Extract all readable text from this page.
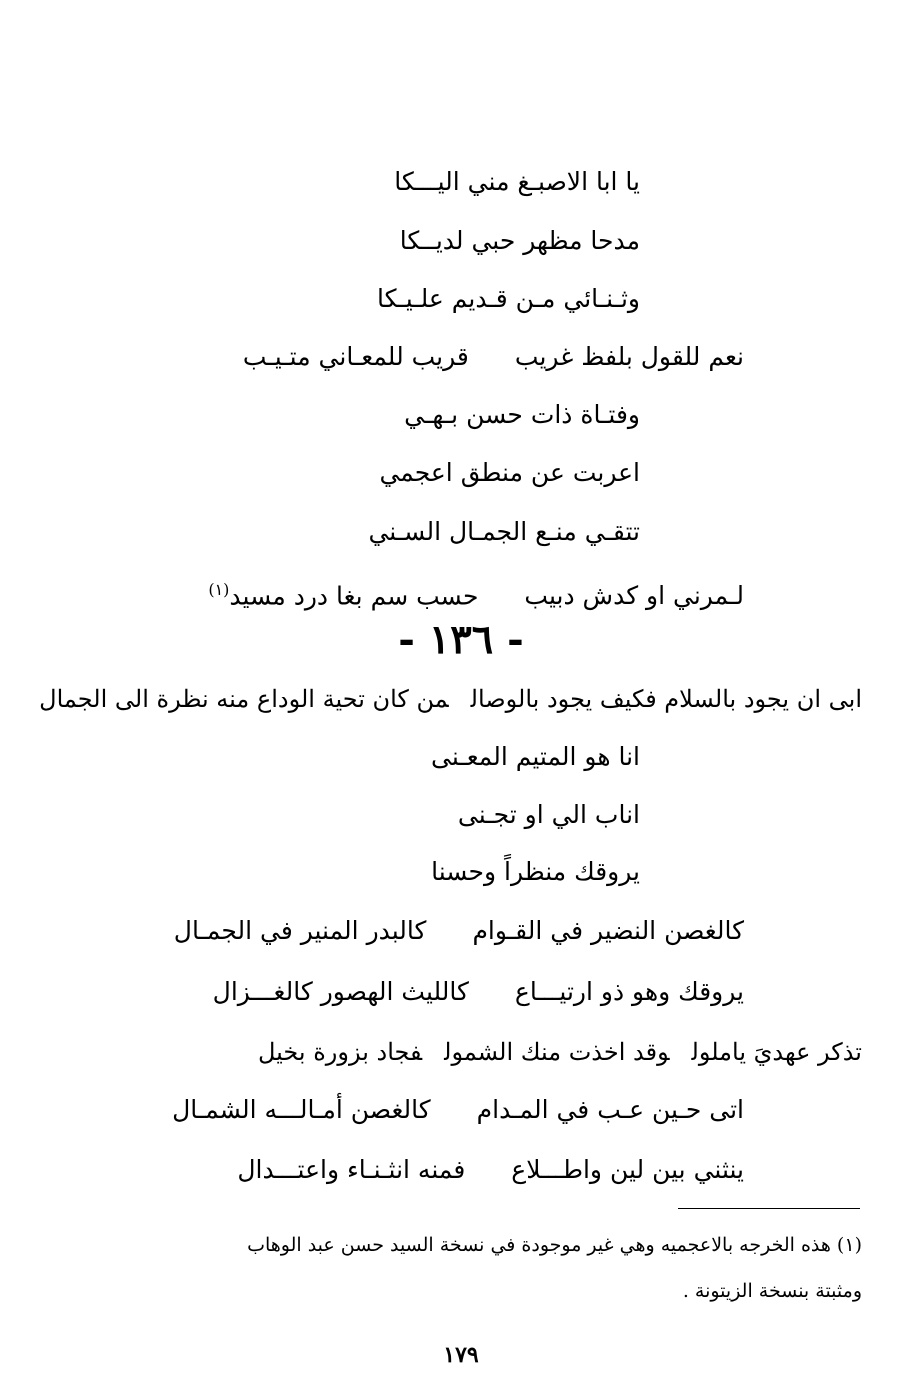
يا ابا الاصبـغ مني اليـــكا
مدحا مظهر حبي لديــكا
وثـنـائي مـن قـديم علـيـكا
نعم للقول بلفظ غريبقريب للمعـاني متـيـب
وفتـاة ذات حسن بـهـي
اعربت عن منطق اعجمي
تتقـي منـع الجمـال السـني
لـمرني او كدش دبيبحسب سم بغا درد مسيد$^{(١)}$
- ١٣٦ -
ابى ان يجود بالسلام فكيف يجود بالوصالمن كان تحية الوداع منه نظرة الى الجمال
انا هو المتيم المعـنى
اناب الي او تجـنى
يروقك منظراً وحسنا
كالغصن النضير في القـوامكالبدر المنير في الجمـال
يروقك وهو ذو ارتيـــاعكالليث الهصور كالغـــزال
تذكر عهديَ ياملولوقد اخذت منك الشمولفجاد بزورة بخيل
اتى حـين عـب في المـدامكالغصن أمـالـــه الشمـال
ينثني بين لين واطـــلاعفمنه انثـنـاء واعتـــدال
(١) هذه الخرجه بالاعجميه وهي غير موجودة في نسخة السيد حسن عبد الوهاب
ومثبتة بنسخة الزيتونة .
١٧٩
